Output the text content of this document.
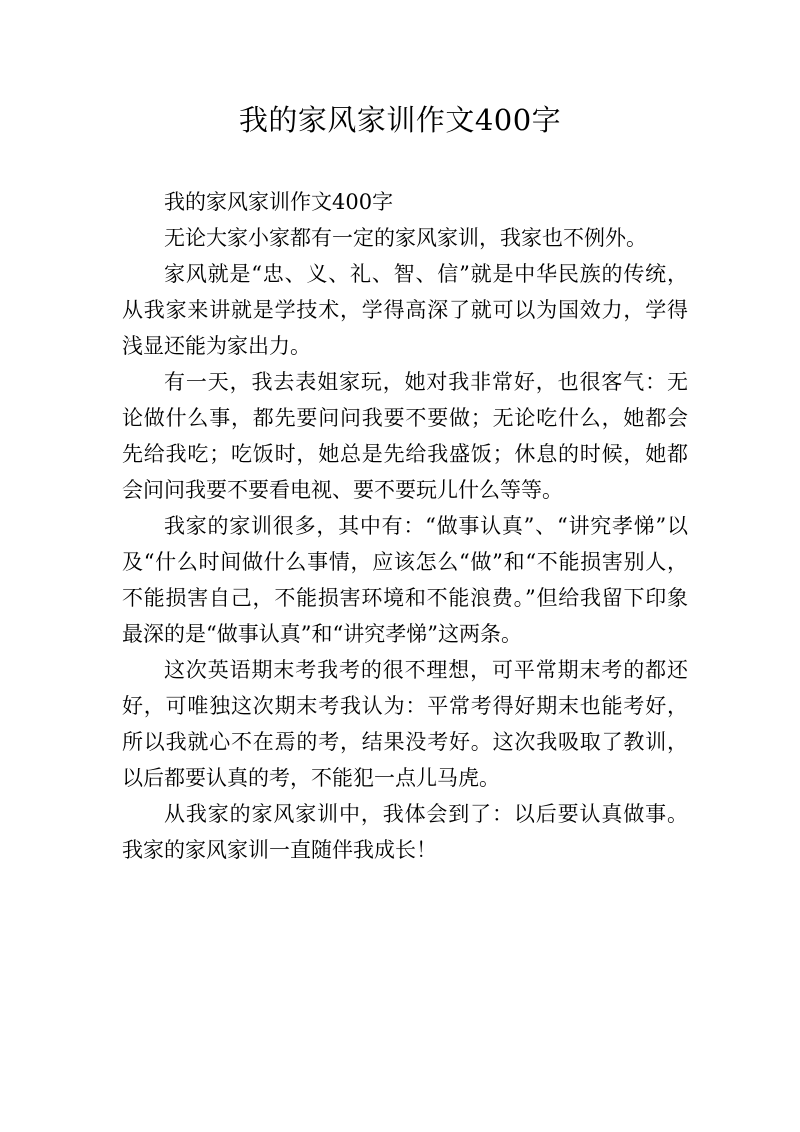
我的家风家训作文400字

我的家风家训作文400字

无论大家小家都有一定的家风家训，我家也不例外。

家风就是“忠、义、礼、智、信”就是中华民族的传统，从我家来讲就是学技术，学得高深了就可以为国效力，学得浅显还能为家出力。

有一天，我去表姐家玩，她对我非常好，也很客气：无论做什么事，都先要问问我要不要做；无论吃什么，她都会先给我吃；吃饭时，她总是先给我盛饭；休息的时候，她都会问问我要不要看电视、要不要玩儿什么等等。

我家的家训很多，其中有：“做事认真”、“讲究孝悌”以及“什么时间做什么事情，应该怎么“做”和“不能损害别人，不能损害自己，不能损害环境和不能浪费。”但给我留下印象最深的是“做事认真”和“讲究孝悌”这两条。

这次英语期末考我考的很不理想，可平常期末考的都还好，可唯独这次期末考我认为：平常考得好期末也能考好，所以我就心不在焉的考，结果没考好。这次我吸取了教训，以后都要认真的考，不能犯一点儿马虎。

从我家的家风家训中，我体会到了：以后要认真做事。我家的家风家训一直随伴我成长！
